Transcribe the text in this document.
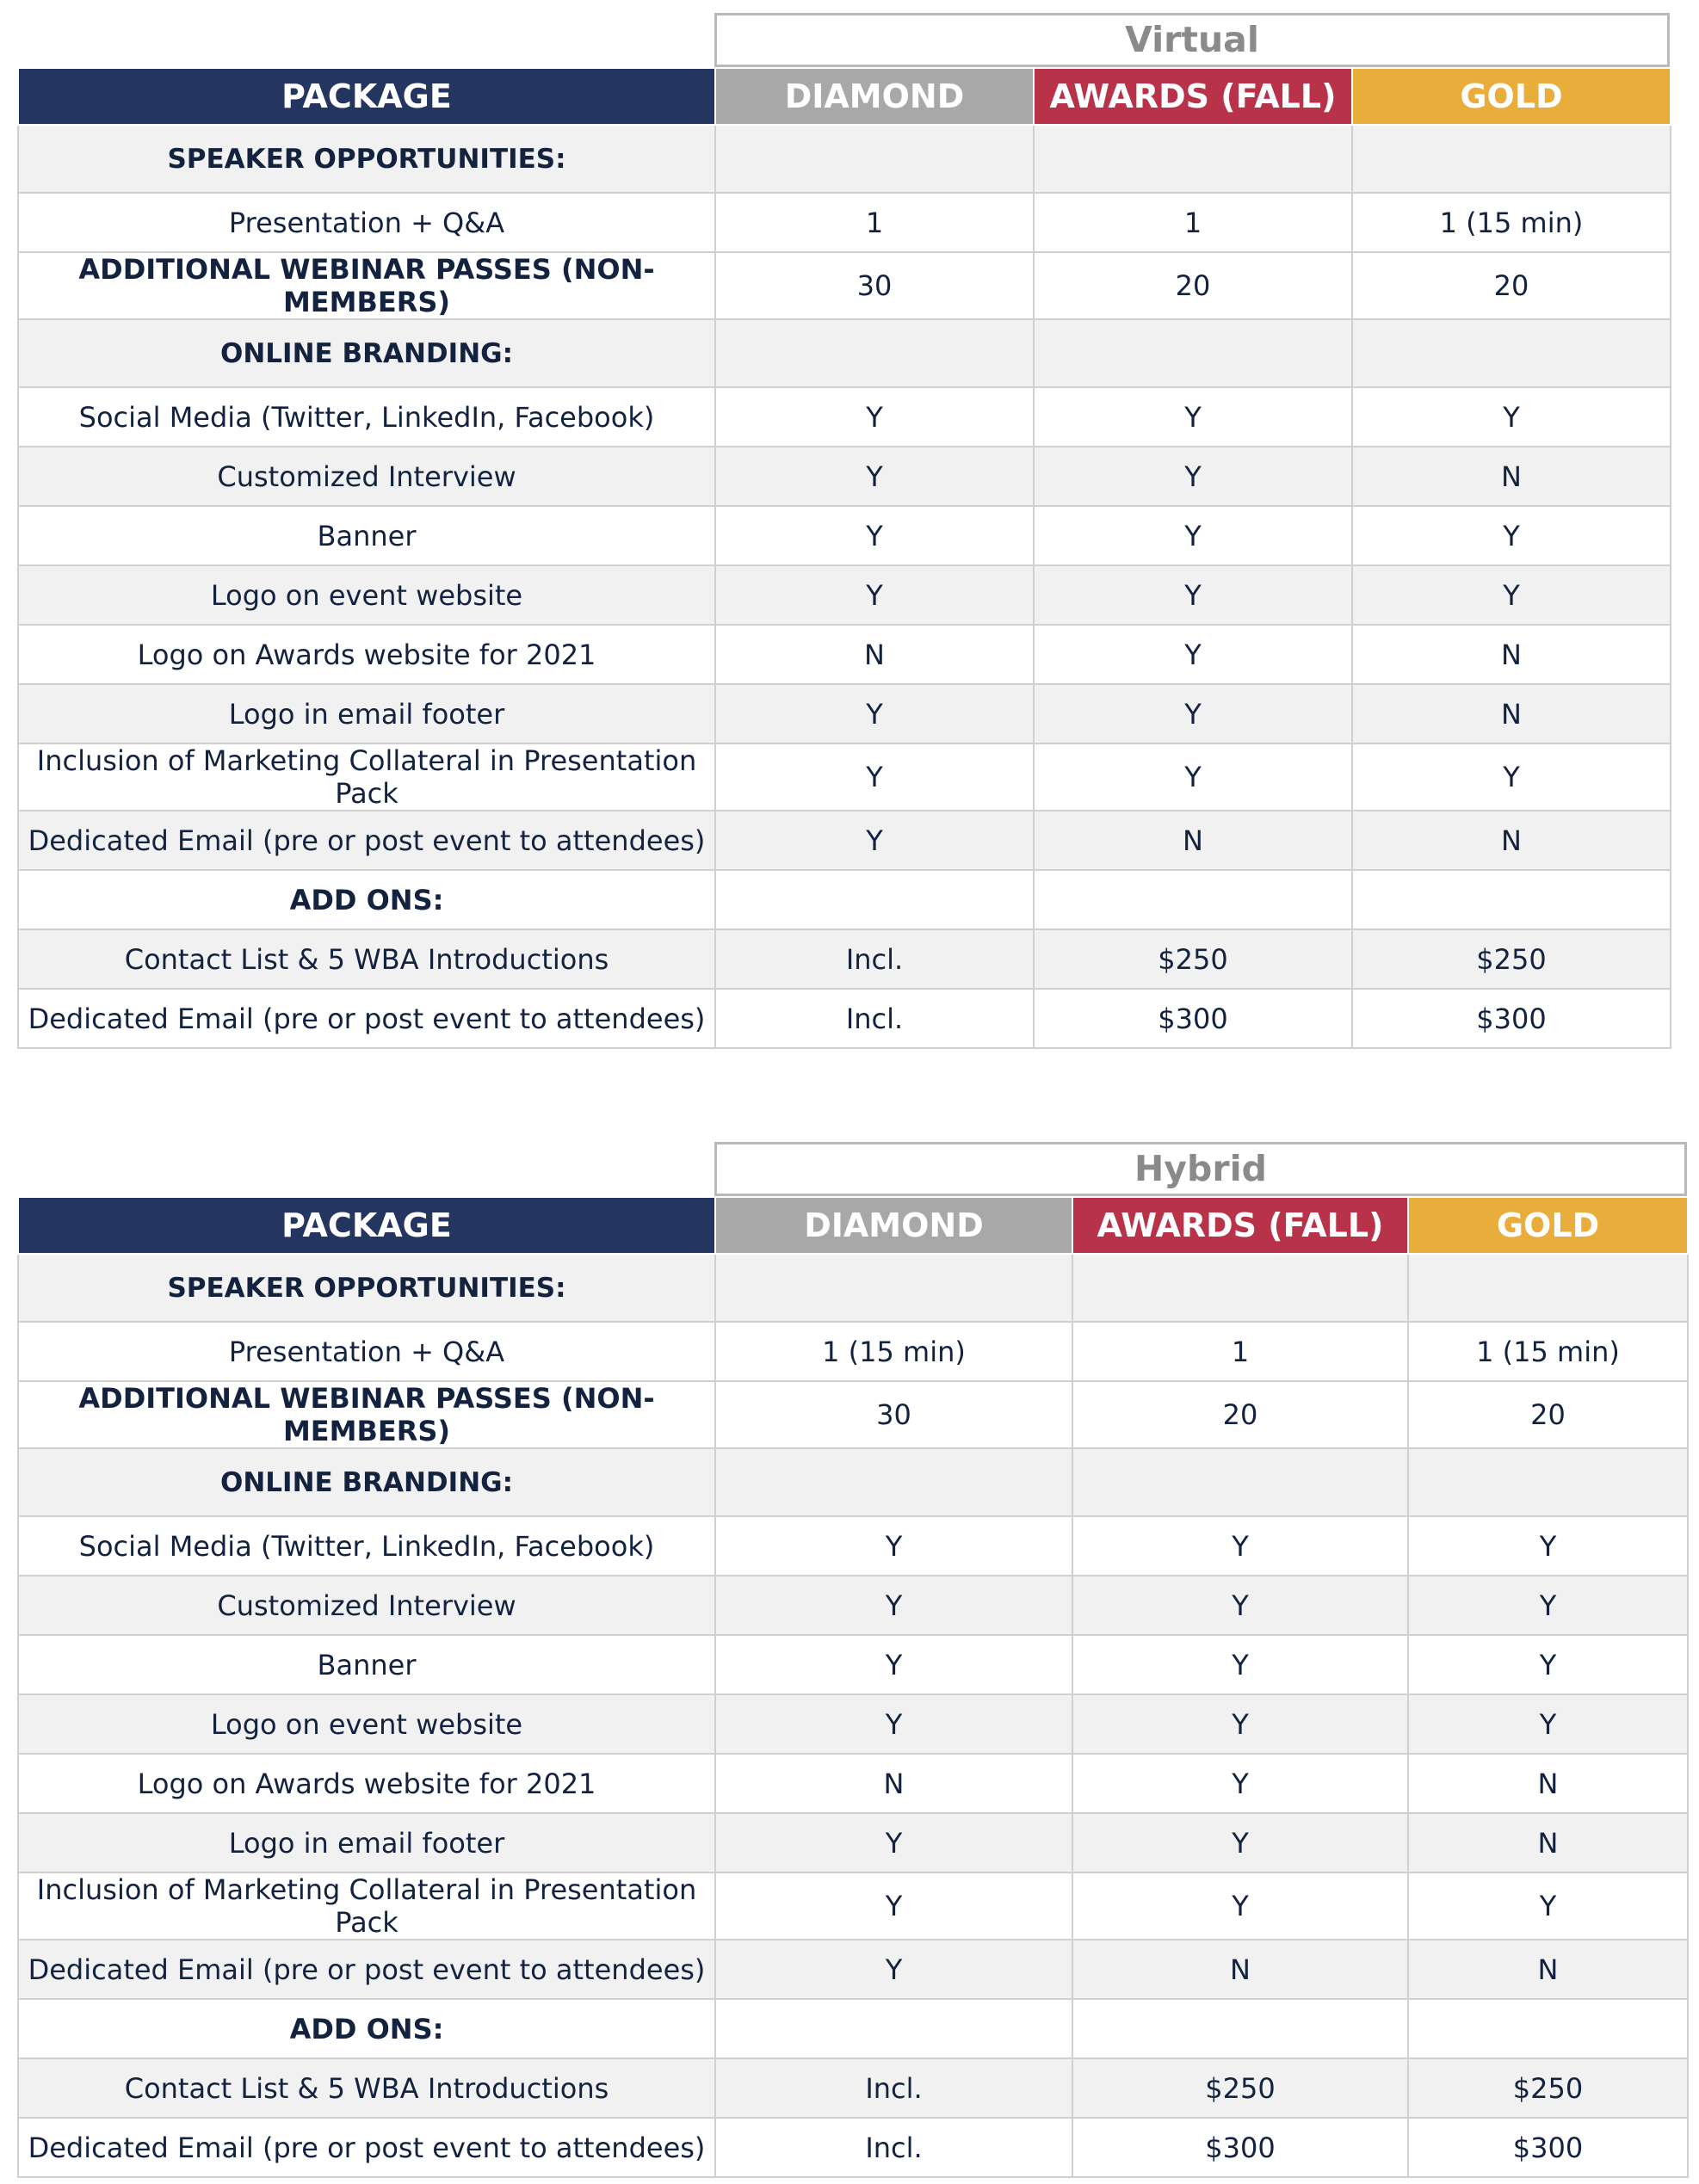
Virtual
PACKAGE	DIAMOND	AWARDS (FALL)	GOLD
SPEAKER OPPORTUNITIES:			
Presentation + Q&A	1	1	1 (15 min)
ADDITIONAL WEBINAR PASSES (NON-MEMBERS)	30	20	20
ONLINE BRANDING:			
Social Media (Twitter, LinkedIn, Facebook)	Y	Y	Y
Customized Interview	Y	Y	N
Banner	Y	Y	Y
Logo on event website	Y	Y	Y
Logo on Awards website for 2021	N	Y	N
Logo in email footer	Y	Y	N
Inclusion of Marketing Collateral in Presentation Pack	Y	Y	Y
Dedicated Email (pre or post event to attendees)	Y	N	N
ADD ONS:			
Contact List & 5 WBA Introductions	Incl.	$250	$250
Dedicated Email (pre or post event to attendees)	Incl.	$300	$300
Hybrid
PACKAGE	DIAMOND	AWARDS (FALL)	GOLD
SPEAKER OPPORTUNITIES:			
Presentation + Q&A	1 (15 min)	1	1 (15 min)
ADDITIONAL WEBINAR PASSES (NON-MEMBERS)	30	20	20
ONLINE BRANDING:			
Social Media (Twitter, LinkedIn, Facebook)	Y	Y	Y
Customized Interview	Y	Y	Y
Banner	Y	Y	Y
Logo on event website	Y	Y	Y
Logo on Awards website for 2021	N	Y	N
Logo in email footer	Y	Y	N
Inclusion of Marketing Collateral in Presentation Pack	Y	Y	Y
Dedicated Email (pre or post event to attendees)	Y	N	N
ADD ONS:			
Contact List & 5 WBA Introductions	Incl.	$250	$250
Dedicated Email (pre or post event to attendees)	Incl.	$300	$300
